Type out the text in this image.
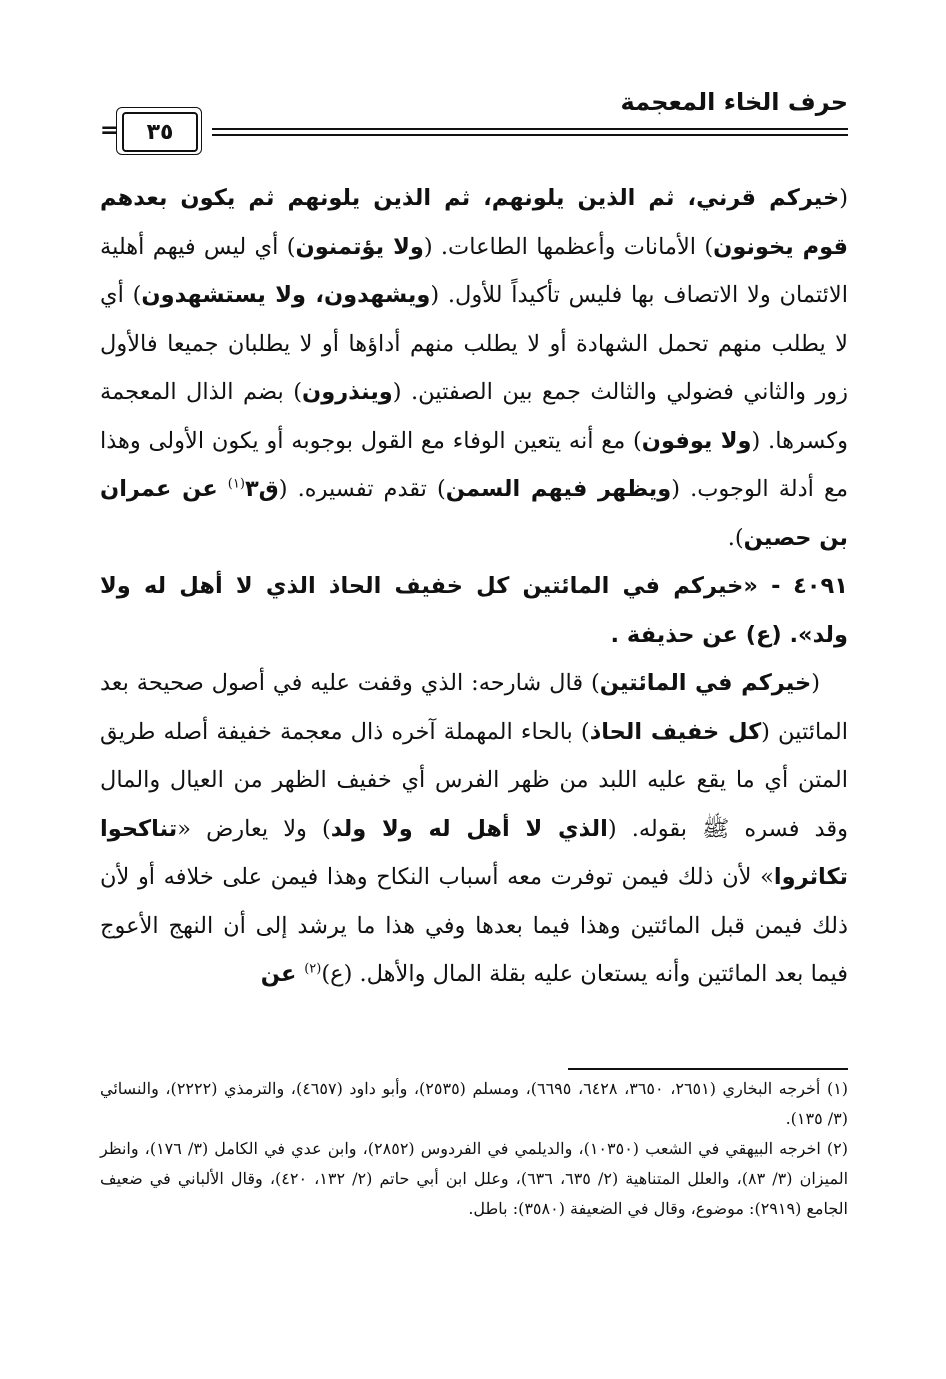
حرف الخاء المعجمة
٣٥
=

(خيركم قرني، ثم الذين يلونهم، ثم الذين يلونهم ثم يكون بعدهم قوم يخونون) الأمانات وأعظمها الطاعات. (ولا يؤتمنون) أي ليس فيهم أهلية الائتمان ولا الاتصاف بها فليس تأكيداً للأول. (ويشهدون، ولا يستشهدون) أي لا يطلب منهم تحمل الشهادة أو لا يطلب منهم أداؤها أو لا يطلبان جميعا فالأول زور والثاني فضولي والثالث جمع بين الصفتين. (وينذرون) بضم الذال المعجمة وكسرها. (ولا يوفون) مع أنه يتعين الوفاء مع القول بوجوبه أو يكون الأولى وهذا مع أدلة الوجوب. (ويظهر فيهم السمن) تقدم تفسيره. (ق٣$^{(١)}$ عن عمران بن حصين).

٤٠٩١ - «خيركم في المائتين كل خفيف الحاذ الذي لا أهل له ولا ولد». (ع) عن حذيفة .

(خيركم في المائتين) قال شارحه: الذي وقفت عليه في أصول صحيحة بعد المائتين (كل خفيف الحاذ) بالحاء المهملة آخره ذال معجمة خفيفة أصله طريق المتن أي ما يقع عليه اللبد من ظهر الفرس أي خفيف الظهر من العيال والمال وقد فسره ﷺ بقوله. (الذي لا أهل له ولا ولد) ولا يعارض «تناكحوا تكاثروا» لأن ذلك فيمن توفرت معه أسباب النكاح وهذا فيمن على خلافه أو لأن ذلك فيمن قبل المائتين وهذا فيما بعدها وفي هذا ما يرشد إلى أن النهج الأعوج فيما بعد المائتين وأنه يستعان عليه بقلة المال والأهل. (ع)$^{(٢)}$ عن

(١) أخرجه البخاري (٢٦٥١، ٣٦٥٠، ٦٤٢٨، ٦٦٩٥)، ومسلم (٢٥٣٥)، وأبو داود (٤٦٥٧)، والترمذي (٢٢٢٢)، والنسائي (٣/ ١٣٥).

(٢) اخرجه البيهقي في الشعب (١٠٣٥٠)، والديلمي في الفردوس (٢٨٥٢)، وابن عدي في الكامل (٣/ ١٧٦)، وانظر الميزان (٣/ ٨٣)، والعلل المتناهية (٢/ ٦٣٥، ٦٣٦)، وعلل ابن أبي حاتم (٢/ ١٣٢، ٤٢٠)، وقال الألباني في ضعيف الجامع (٢٩١٩): موضوع، وقال في الضعيفة (٣٥٨٠): باطل.
